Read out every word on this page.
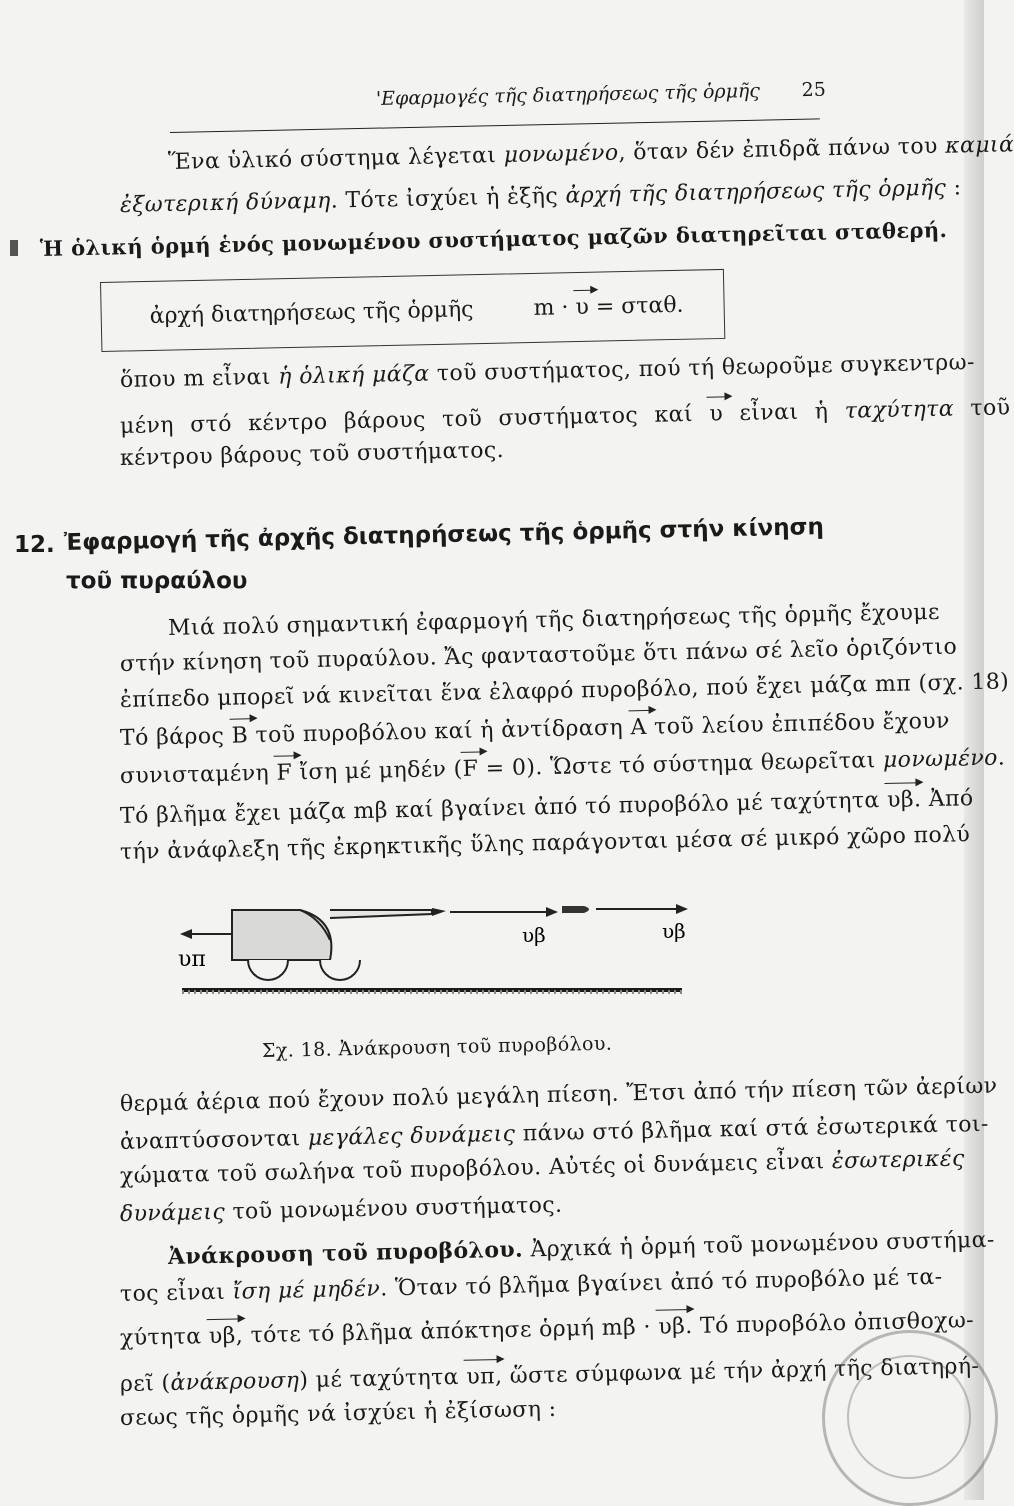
'Εφαρμογές τῆς διατηρήσεως τῆς ὁρμῆς 25
Ἕνα ὑλικό σύστημα λέγεται μονωμένο, ὅταν δέν ἐπιδρᾶ πάνω του καμιά
ἐξωτερική δύναμη. Τότε ἰσχύει ἡ ἑξῆς ἀρχή τῆς διατηρήσεως τῆς ὁρμῆς :
Ἡ ὁλική ὁρμή ἑνός μονωμένου συστήματος μαζῶν διατηρεῖται σταθερή.
ἀρχή διατηρήσεως τῆς ὁρμῆς	m · υ = σταθ.
ὅπου m εἶναι ἡ ὁλική μάζα τοῦ συστήματος, πού τή θεωροῦμε συγκεντρω-
μένη στό κέντρο βάρους τοῦ συστήματος καί υ εἶναι ἡ ταχύτητα τοῦ
κέντρου βάρους τοῦ συστήματος.
12. Ἐφαρμογή τῆς ἀρχῆς διατηρήσεως τῆς ὁρμῆς στήν κίνηση
τοῦ πυραύλου
Μιά πολύ σημαντική ἐφαρμογή τῆς διατηρήσεως τῆς ὁρμῆς ἔχουμε
στήν κίνηση τοῦ πυραύλου. Ἄς φανταστοῦμε ὅτι πάνω σέ λεῖο ὁριζόντιο
ἐπίπεδο μπορεῖ νά κινεῖται ἕνα ἐλαφρό πυροβόλο, πού ἔχει μάζα mπ (σχ. 18)
Τό βάρος B τοῦ πυροβόλου καί ἡ ἀντίδραση A τοῦ λείου ἐπιπέδου ἔχουν
συνισταμένη F ἴση μέ μηδέν (F = 0). Ὥστε τό σύστημα θεωρεῖται μονωμένο.
Τό βλῆμα ἔχει μάζα mβ καί βγαίνει ἀπό τό πυροβόλο μέ ταχύτητα υβ. Ἀπό
τήν ἀνάφλεξη τῆς ἐκρηκτικῆς ὕλης παράγονται μέσα σέ μικρό χῶρο πολύ
υπ
υβ	υβ
Σχ. 18. Ἀνάκρουση τοῦ πυροβόλου.
θερμά ἀέρια πού ἔχουν πολύ μεγάλη πίεση. Ἔτσι ἀπό τήν πίεση τῶν ἀερίων
ἀναπτύσσονται μεγάλες δυνάμεις πάνω στό βλῆμα καί στά ἐσωτερικά τοι-
χώματα τοῦ σωλήνα τοῦ πυροβόλου. Αὐτές οἱ δυνάμεις εἶναι ἐσωτερικές
δυνάμεις τοῦ μονωμένου συστήματος.
Ἀνάκρουση τοῦ πυροβόλου. Ἀρχικά ἡ ὁρμή τοῦ μονωμένου συστήμα-
τος εἶναι ἴση μέ μηδέν. Ὅταν τό βλῆμα βγαίνει ἀπό τό πυροβόλο μέ τα-
χύτητα υβ, τότε τό βλῆμα ἀπόκτησε ὁρμή mβ · υβ. Τό πυροβόλο ὀπισθοχω-
ρεῖ (ἀνάκρουση) μέ ταχύτητα υπ, ὥστε σύμφωνα μέ τήν ἀρχή τῆς διατηρή-
σεως τῆς ὁρμῆς νά ἰσχύει ἡ ἐξίσωση :
